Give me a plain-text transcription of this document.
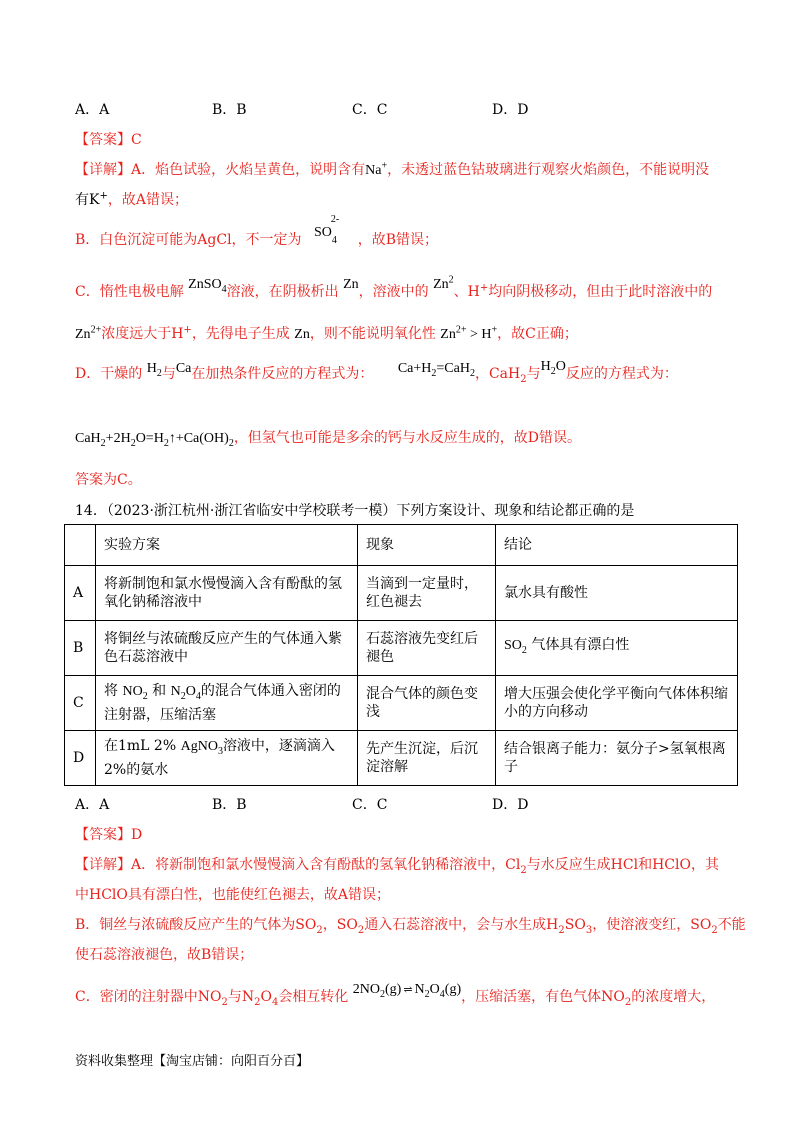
A．A	B．B	C．C	D．D
【答案】C
【详解】A．焰色试验，火焰呈黄色，说明含有Na+，未透过蓝色钴玻璃进行观察火焰颜色，不能说明没
有K+，故A错误；
B．白色沉淀可能为AgCl，不一定为 $SO_4^{2-}$ ，故B错误；
C．惰性电极电解 ZnSO$_4$溶液，在阴极析出 Zn，溶液中的 Zn$^2$、H+均向阴极移动，但由于此时溶液中的
$Zn^{2+}$浓度远大于H+，先得电子生成 Zn，则不能说明氧化性 $Zn^{2+} > H^+$，故C正确；
D．干燥的 $H_2$与Ca在加热条件反应的方程式为： $Ca+H_2=CaH_2$，CaH$_2$与$H_2O$反应的方程式为：
$CaH_2+2H_2O=H_2↑+Ca(OH)_2$，但氢气也可能是多余的钙与水反应生成的，故D错误。
答案为C。
14．（2023·浙江杭州·浙江省临安中学校联考一模）下列方案设计、现象和结论都正确的是
	实验方案	现象	结论
A	将新制饱和氯水慢慢滴入含有酚酞的氢氧化钠稀溶液中	当滴到一定量时，红色褪去	氯水具有酸性
B	将铜丝与浓硫酸反应产生的气体通入紫色石蕊溶液中	石蕊溶液先变红后褪色	$SO_2$ 气体具有漂白性
C	将 $NO_2$ 和 $N_2O_4$的混合气体通入密闭的注射器，压缩活塞	混合气体的颜色变浅	增大压强会使化学平衡向气体体积缩小的方向移动
D	在1mL 2% AgNO$_3$溶液中，逐滴滴入2%的氨水	先产生沉淀，后沉淀溶解	结合银离子能力：氨分子>氢氧根离子
A．A	B．B	C．C	D．D
【答案】D
【详解】A．将新制饱和氯水慢慢滴入含有酚酞的氢氧化钠稀溶液中，$Cl_2$与水反应生成HCl和HClO，其
中HClO具有漂白性，也能使红色褪去，故A错误；
B．铜丝与浓硫酸反应产生的气体为$SO_2$，$SO_2$通入石蕊溶液中，会与水生成$H_2SO_3$，使溶液变红，$SO_2$不能
使石蕊溶液褪色，故B错误；
C．密闭的注射器中$NO_2$与$N_2O_4$会相互转化 $2NO_2(g)$ ⇌ $N_2O_4(g)$，压缩活塞，有色气体$NO_2$的浓度增大，
资料收集整理【淘宝店铺：向阳百分百】
